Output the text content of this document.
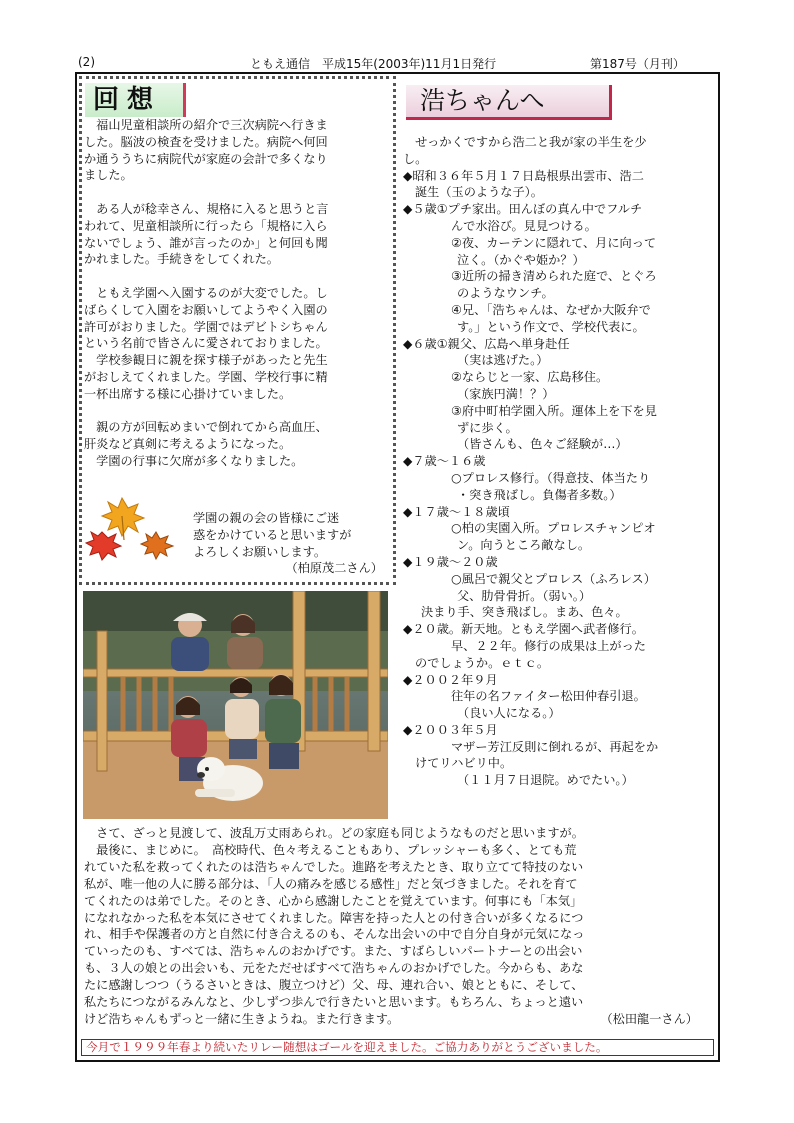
(2)	ともえ通信　平成15年(2003年)11月1日発行	第187号（月刊）
回想	浩ちゃんへ
　福山児童相談所の紹介で三次病院へ行きま
した。脳波の検査を受けました。病院へ何回
か通ううちに病院代が家庭の会計で多くなり
ました。
　ある人が稔幸さん、規格に入ると思うと言
われて、児童相談所に行ったら「規格に入ら
ないでしょう、誰が言ったのか」と何回も聞
かれました。手続きをしてくれた。
　ともえ学園へ入園するのが大変でした。し
ばらくして入園をお願いしてようやく入園の
許可がおりました。学園ではデビトシちゃん
という名前で皆さんに愛されておりました。
　学校参観日に親を探す様子があったと先生
がおしえてくれました。学園、学校行事に精
一杯出席する様に心掛けていました。
　親の方が回転めまいで倒れてから高血圧、
肝炎など真剣に考えるようになった。
　学園の行事に欠席が多くなりました。
学園の親の会の皆様にご迷
惑をかけていると思いますが
よろしくお願いします。
（柏原茂二さん）
　せっかくですから浩二と我が家の半生を少
し。
◆昭和３６年５月１７日島根県出雲市、浩二
誕生（玉のような子）。
◆５歳①プチ家出。田んぼの真ん中でフルチ
んで水浴び。見見つける。
②夜、カーテンに隠れて、月に向って
泣く。（かぐや姫か？）
③近所の掃き清められた庭で、とぐろ
のようなウンチ。
④兄、「浩ちゃんは、なぜか大阪弁で
す。」という作文で、学校代表に。
◆６歳①親父、広島へ単身赴任
（実は逃げた。）
②ならじと一家、広島移住。
（家族円満！？）
③府中町柏学園入所。運体上を下を見
ずに歩く。
（皆さんも、色々ご経験が…）
◆７歳〜１６歳
○プロレス修行。（得意技、体当たり
・突き飛ばし。負傷者多数。）
◆１７歳〜１８歳頃
○柏の実園入所。プロレスチャンピオ
ン。向うところ敵なし。
◆１９歳〜２０歳
○風呂で親父とプロレス（ふろレス）
父、肋骨骨折。（弱い。）
決まり手、突き飛ばし。まあ、色々。
◆２０歳。新天地。ともえ学園へ武者修行。
早、２２年。修行の成果は上がった
のでしょうか。ｅｔｃ。
◆２００２年９月
往年の名ファイター松田仲春引退。
（良い人になる。）
◆２００３年５月
マザー芳江反則に倒れるが、再起をか
けてリハビリ中。
（１１月７日退院。めでたい。）
　さて、ざっと見渡して、波乱万丈雨あられ。どの家庭も同じようなものだと思いますが。
　最後に、まじめに。　高校時代、色々考えることもあり、プレッシャーも多く、とても荒
れていた私を救ってくれたのは浩ちゃんでした。進路を考えたとき、取り立てて特技のない
私が、唯一他の人に勝る部分は、「人の痛みを感じる感性」だと気づきました。それを育て
てくれたのは弟でした。そのとき、心から感謝したことを覚えています。何事にも「本気」
になれなかった私を本気にさせてくれました。障害を持った人との付き合いが多くなるにつ
れ、相手や保護者の方と自然に付き合えるのも、そんな出会いの中で自分自身が元気になっ
ていったのも、すべては、浩ちゃんのおかげです。また、すばらしいパートナーとの出会い
も、３人の娘との出会いも、元をただせばすべて浩ちゃんのおかげでした。今からも、あな
たに感謝しつつ（うるさいときは、腹立つけど）父、母、連れ合い、娘とともに、そして、
私たちにつながるみんなと、少しずつ歩んで行きたいと思います。もちろん、ちょっと遠い
けど浩ちゃんもずっと一緒に生きようね。また行きます。	（松田龍一さん）
今月で１９９９年春より続いたリレー随想はゴールを迎えました。ご協力ありがとうございました。
